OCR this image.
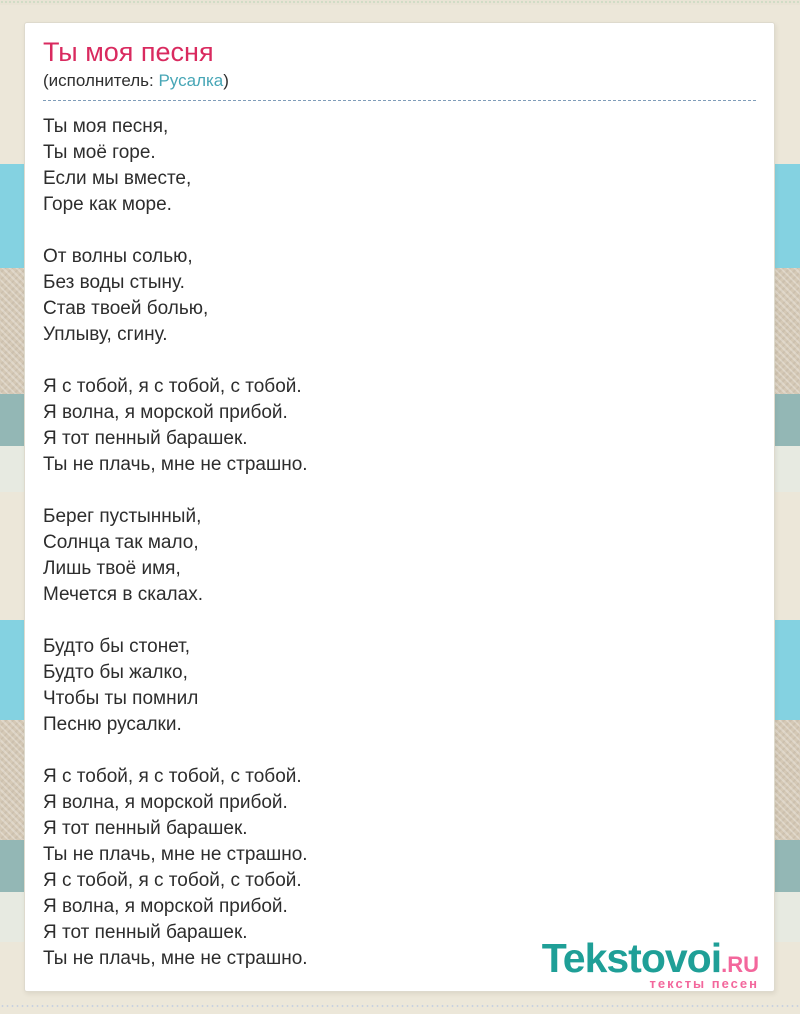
Ты моя песня
(исполнитель: Русалка)

Ты моя песня,
Ты моё горе.
Если мы вместе,
Горе как море.

От волны солью,
Без воды стыну.
Став твоей болью,
Уплыву, сгину.

Я с тобой, я с тобой, с тобой.
Я волна, я морской прибой.
Я тот пенный барашек.
Ты не плачь, мне не страшно.

Берег пустынный,
Солнца так мало,
Лишь твоё имя,
Мечется в скалах.

Будто бы стонет,
Будто бы жалко,
Чтобы ты помнил
Песню русалки.

Я с тобой, я с тобой, с тобой.
Я волна, я морской прибой.
Я тот пенный барашек.
Ты не плачь, мне не страшно.
Я с тобой, я с тобой, с тобой.
Я волна, я морской прибой.
Я тот пенный барашек.
Ты не плачь, мне не страшно.	Tekstovoi.RU
тексты песен
